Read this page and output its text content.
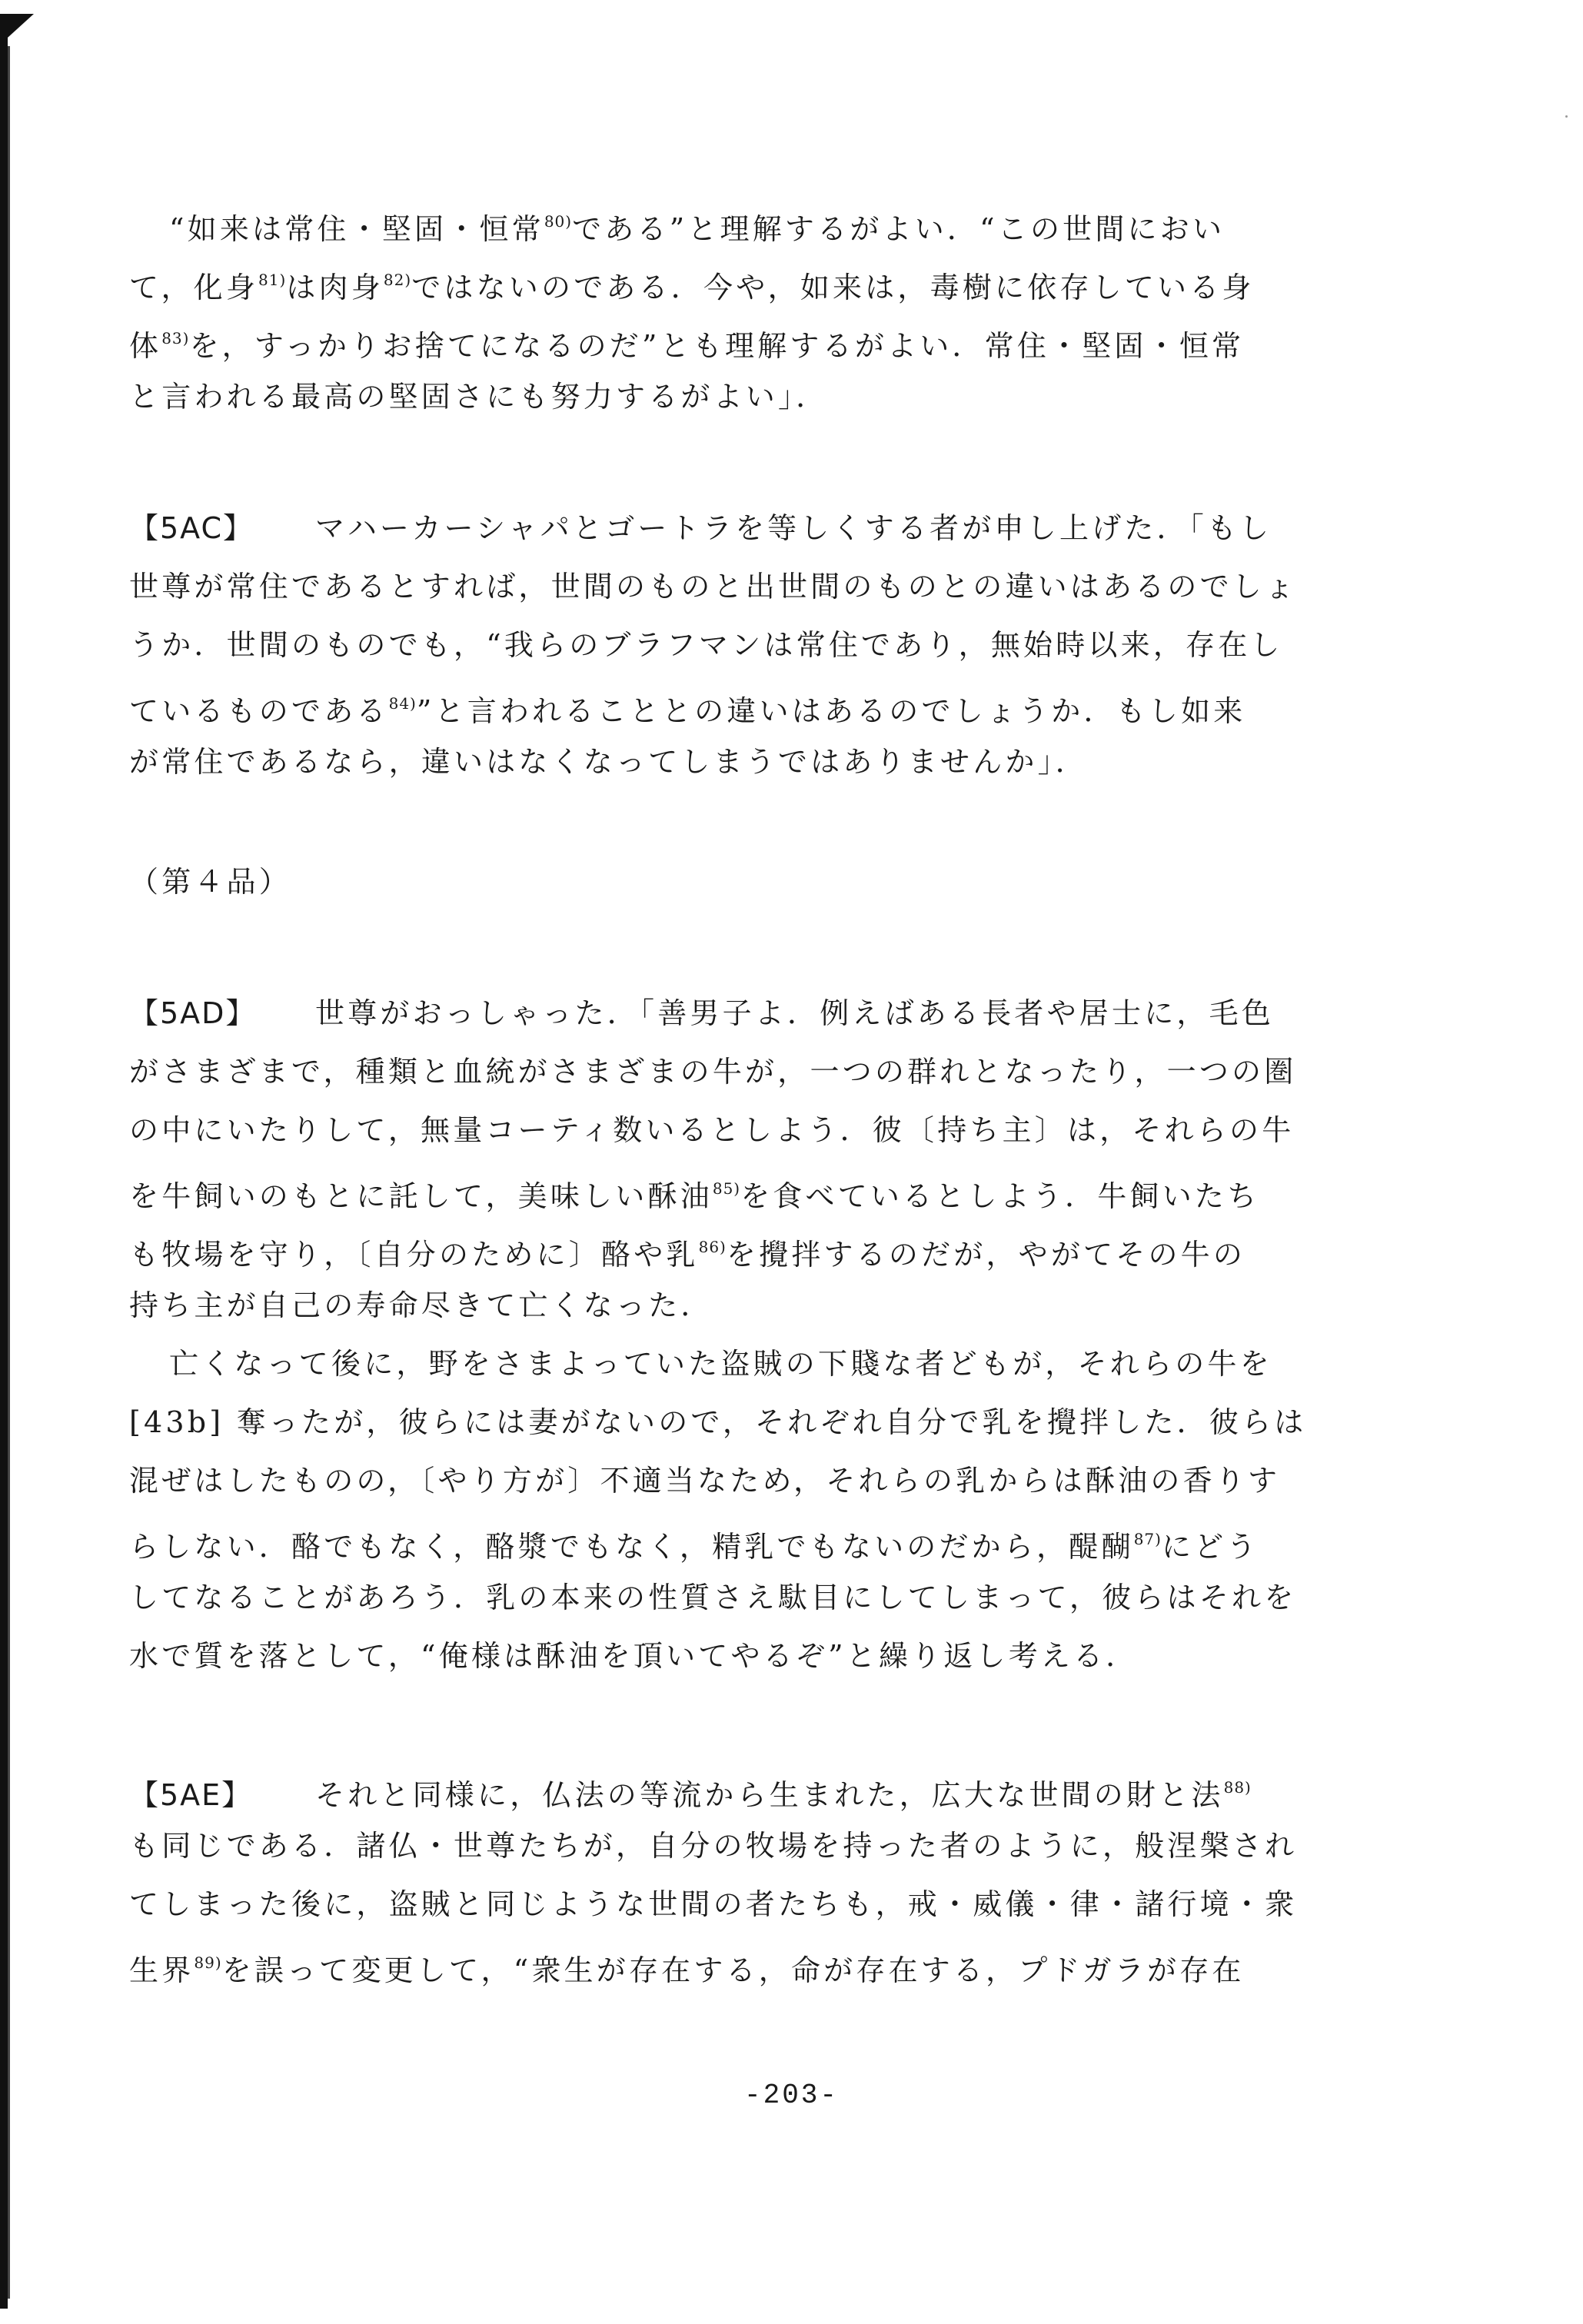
“如来は常住・堅固・恒常$^{80)}$である”と理解するがよい．“この世間におい
て，化身$^{81)}$は肉身$^{82)}$ではないのである．今や，如来は，毒樹に依存している身
体$^{83)}$を，すっかりお捨てになるのだ”とも理解するがよい．常住・堅固・恒常
と言われる最高の堅固さにも努力するがよい」．
【5AC】 マハーカーシャパとゴートラを等しくする者が申し上げた．「もし
世尊が常住であるとすれば，世間のものと出世間のものとの違いはあるのでしょ
うか．世間のものでも，“我らのブラフマンは常住であり，無始時以来，存在し
ているものである$^{84)}$”と言われることとの違いはあるのでしょうか．もし如来
が常住であるなら，違いはなくなってしまうではありませんか」．
（第４品）
【5AD】 世尊がおっしゃった．「善男子よ．例えばある長者や居士に，毛色
がさまざまで，種類と血統がさまざまの牛が，一つの群れとなったり，一つの圏
の中にいたりして，無量コーティ数いるとしよう．彼〔持ち主〕は，それらの牛
を牛飼いのもとに託して，美味しい酥油$^{85)}$を食べているとしよう．牛飼いたち
も牧場を守り，〔自分のために〕酪や乳$^{86)}$を攪拌するのだが，やがてその牛の
持ち主が自己の寿命尽きて亡くなった．
亡くなって後に，野をさまよっていた盗賊の下賤な者どもが，それらの牛を
[43b] 奪ったが，彼らには妻がないので，それぞれ自分で乳を攪拌した．彼らは
混ぜはしたものの，〔やり方が〕不適当なため，それらの乳からは酥油の香りす
らしない．酪でもなく，酪漿でもなく，精乳でもないのだから，醍醐$^{87)}$にどう
してなることがあろう．乳の本来の性質さえ駄目にしてしまって，彼らはそれを
水で質を落として，“俺様は酥油を頂いてやるぞ”と繰り返し考える．
【5AE】 それと同様に，仏法の等流から生まれた，広大な世間の財と法$^{88)}$
も同じである．諸仏・世尊たちが，自分の牧場を持った者のように，般涅槃され
てしまった後に，盗賊と同じような世間の者たちも，戒・威儀・律・諸行境・衆
生界$^{89)}$を誤って変更して，“衆生が存在する，命が存在する，プドガラが存在
-203-
